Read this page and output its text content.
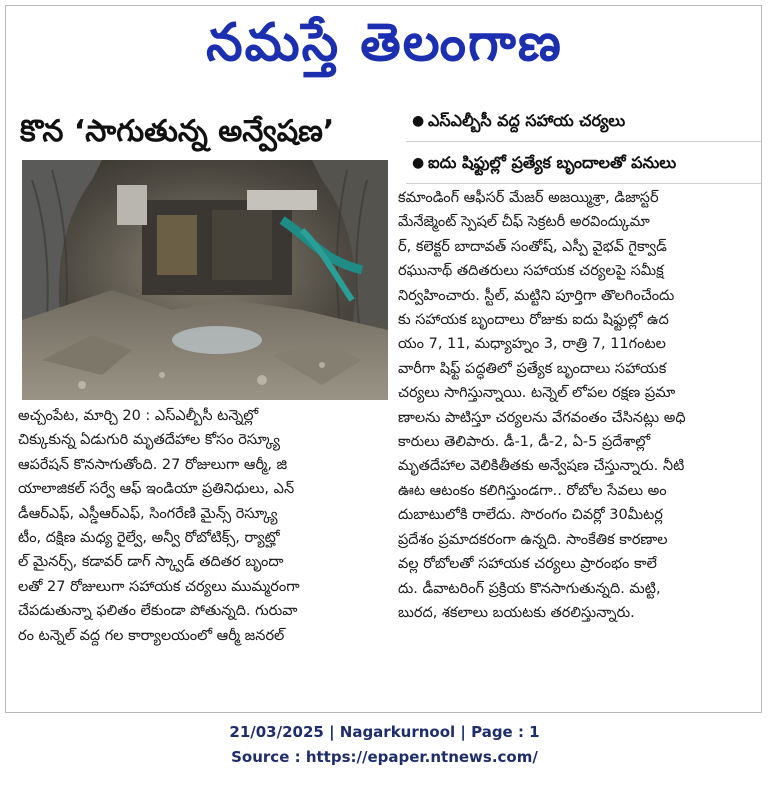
నమస్తే తెలంగాణ
కొన ‘సాగుతున్న అన్వేషణ’	● ఎస్ఎల్బీసీ వద్ద సహాయ చర్యలు
● ఐదు షిఫ్టుల్లో ప్రత్యేక బృందాలతో పనులు
అచ్చంపేట, మార్చి 20 : ఎస్ఎల్బీసీ టన్నెల్లో
చిక్కుకున్న ఏడుగురి మృతదేహాల కోసం రెస్క్యూ
ఆపరేషన్ కొనసాగుతోంది. 27 రోజులుగా ఆర్మీ, జి
యాలాజికల్ సర్వే ఆఫ్ ఇండియా ప్రతినిధులు, ఎన్
డీఆర్ఎఫ్, ఎస్డీఆర్ఎఫ్, సింగరేణి మైన్స్ రెస్క్యూ
టీం, దక్షిణ మధ్య రైల్వే, అన్వీ రోబోటిక్స్, ర్యాట్హో
ల్ మైనర్స్, కడావర్ డాగ్ స్క్వాడ్ తదితర బృందా
లతో 27 రోజులుగా సహాయక చర్యలు ముమ్మరంగా
చేపడుతున్నా ఫలితం లేకుండా పోతున్నది. గురువా
రం టన్నెల్ వద్ద గల కార్యాలయంలో ఆర్మీ జనరల్
కమాండింగ్ ఆఫీసర్ మేజర్ అజయ్మిశ్రా, డిజాస్టర్
మేనేజ్మెంట్ స్పెషల్ చీఫ్ సెక్రటరీ అరవింద్కుమా
ర్, కలెక్టర్ బాదావత్ సంతోష్, ఎస్పీ వైభవ్ గైక్వాడ్
రఘునాథ్ తదితరులు సహాయక చర్యలపై సమీక్ష
నిర్వహించారు. స్టీల్, మట్టిని పూర్తిగా తొలగించేందు
కు సహాయక బృందాలు రోజుకు ఐదు షిఫ్టుల్లో ఉద
యం 7, 11, మధ్యాహ్నం 3, రాత్రి 7, 11గంటల
వారీగా షిఫ్ట్ పద్ధతిలో ప్రత్యేక బృందాలు సహాయక
చర్యలు సాగిస్తున్నాయి. టన్నెల్ లోపల రక్షణ ప్రమా
ణాలను పాటిస్తూ చర్యలను వేగవంతం చేసినట్లు అధి
కారులు తెలిపారు. డీ-1, డీ-2, ఏ-5 ప్రదేశాల్లో
మృతదేహాల వెలికితీతకు అన్వేషణ చేస్తున్నారు. నీటి
ఊట ఆటంకం కలిగిస్తుండగా.. రోబోల సేవలు అం
దుబాటులోకి రాలేదు. సొరంగం చివర్లో 30మీటర్ల
ప్రదేశం ప్రమాదకరంగా ఉన్నది. సాంకేతిక కారణాల
వల్ల రోబోలతో సహాయక చర్యలు ప్రారంభం కాలే
దు. డీవాటరింగ్ ప్రక్రియ కొనసాగుతున్నది. మట్టి,
బురద, శకలాలు బయటకు తరలిస్తున్నారు.
21/03/2025 | Nagarkurnool | Page : 1
Source : https://epaper.ntnews.com/
